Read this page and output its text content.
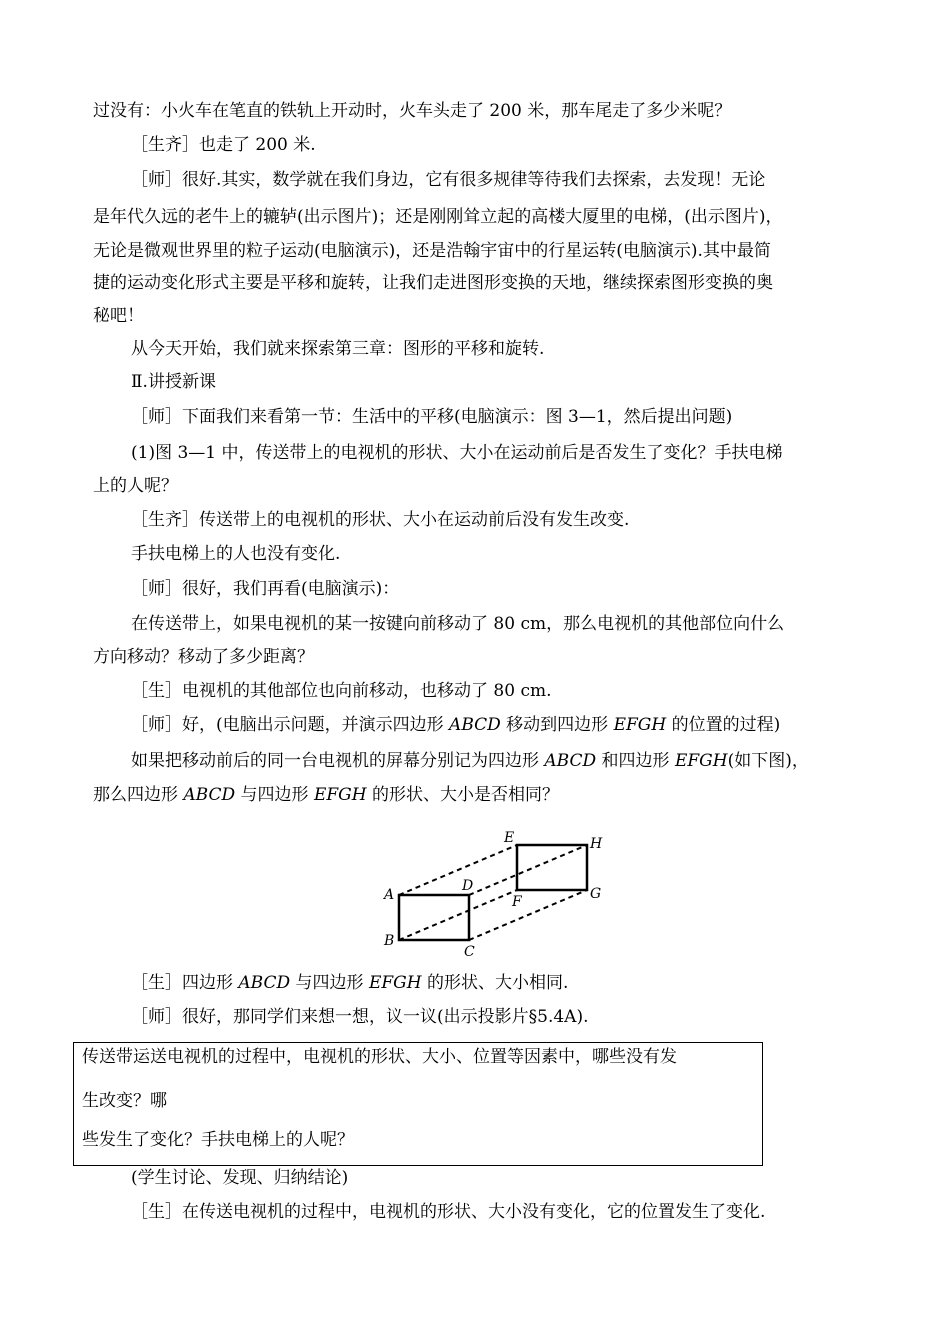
过没有：小火车在笔直的铁轨上开动时，火车头走了 200 米，那车尾走了多少米呢？
［生齐］也走了 200 米.
［师］很好.其实，数学就在我们身边，它有很多规律等待我们去探索，去发现！无论
是年代久远的老牛上的辘轳(出示图片)；还是刚刚耸立起的高楼大厦里的电梯，(出示图片)，
无论是微观世界里的粒子运动(电脑演示)，还是浩翰宇宙中的行星运转(电脑演示).其中最简
捷的运动变化形式主要是平移和旋转，让我们走进图形变换的天地，继续探索图形变换的奥
秘吧！
从今天开始，我们就来探索第三章：图形的平移和旋转.
Ⅱ.讲授新课
［师］下面我们来看第一节：生活中的平移(电脑演示：图 3—1，然后提出问题)
(1)图 3—1 中，传送带上的电视机的形状、大小在运动前后是否发生了变化？手扶电梯
上的人呢？
［生齐］传送带上的电视机的形状、大小在运动前后没有发生改变.
手扶电梯上的人也没有变化.
［师］很好，我们再看(电脑演示)：
在传送带上，如果电视机的某一按键向前移动了 80 cm，那么电视机的其他部位向什么
方向移动？移动了多少距离？
［生］电视机的其他部位也向前移动，也移动了 80 cm.
［师］好，(电脑出示问题，并演示四边形 ABCD 移动到四边形 EFGH 的位置的过程)
如果把移动前后的同一台电视机的屏幕分别记为四边形 ABCD 和四边形 EFGH(如下图)，
那么四边形 ABCD 与四边形 EFGH 的形状、大小是否相同？
A
B
C
D
E
F	G
H
［生］四边形 ABCD 与四边形 EFGH 的形状、大小相同.
［师］很好，那同学们来想一想，议一议(出示投影片§5.4A).
传送带运送电视机的过程中，电视机的形状、大小、位置等因素中，哪些没有发
生改变？哪
些发生了变化？手扶电梯上的人呢？
(学生讨论、发现、归纳结论)
［生］在传送电视机的过程中，电视机的形状、大小没有变化，它的位置发生了变化.
